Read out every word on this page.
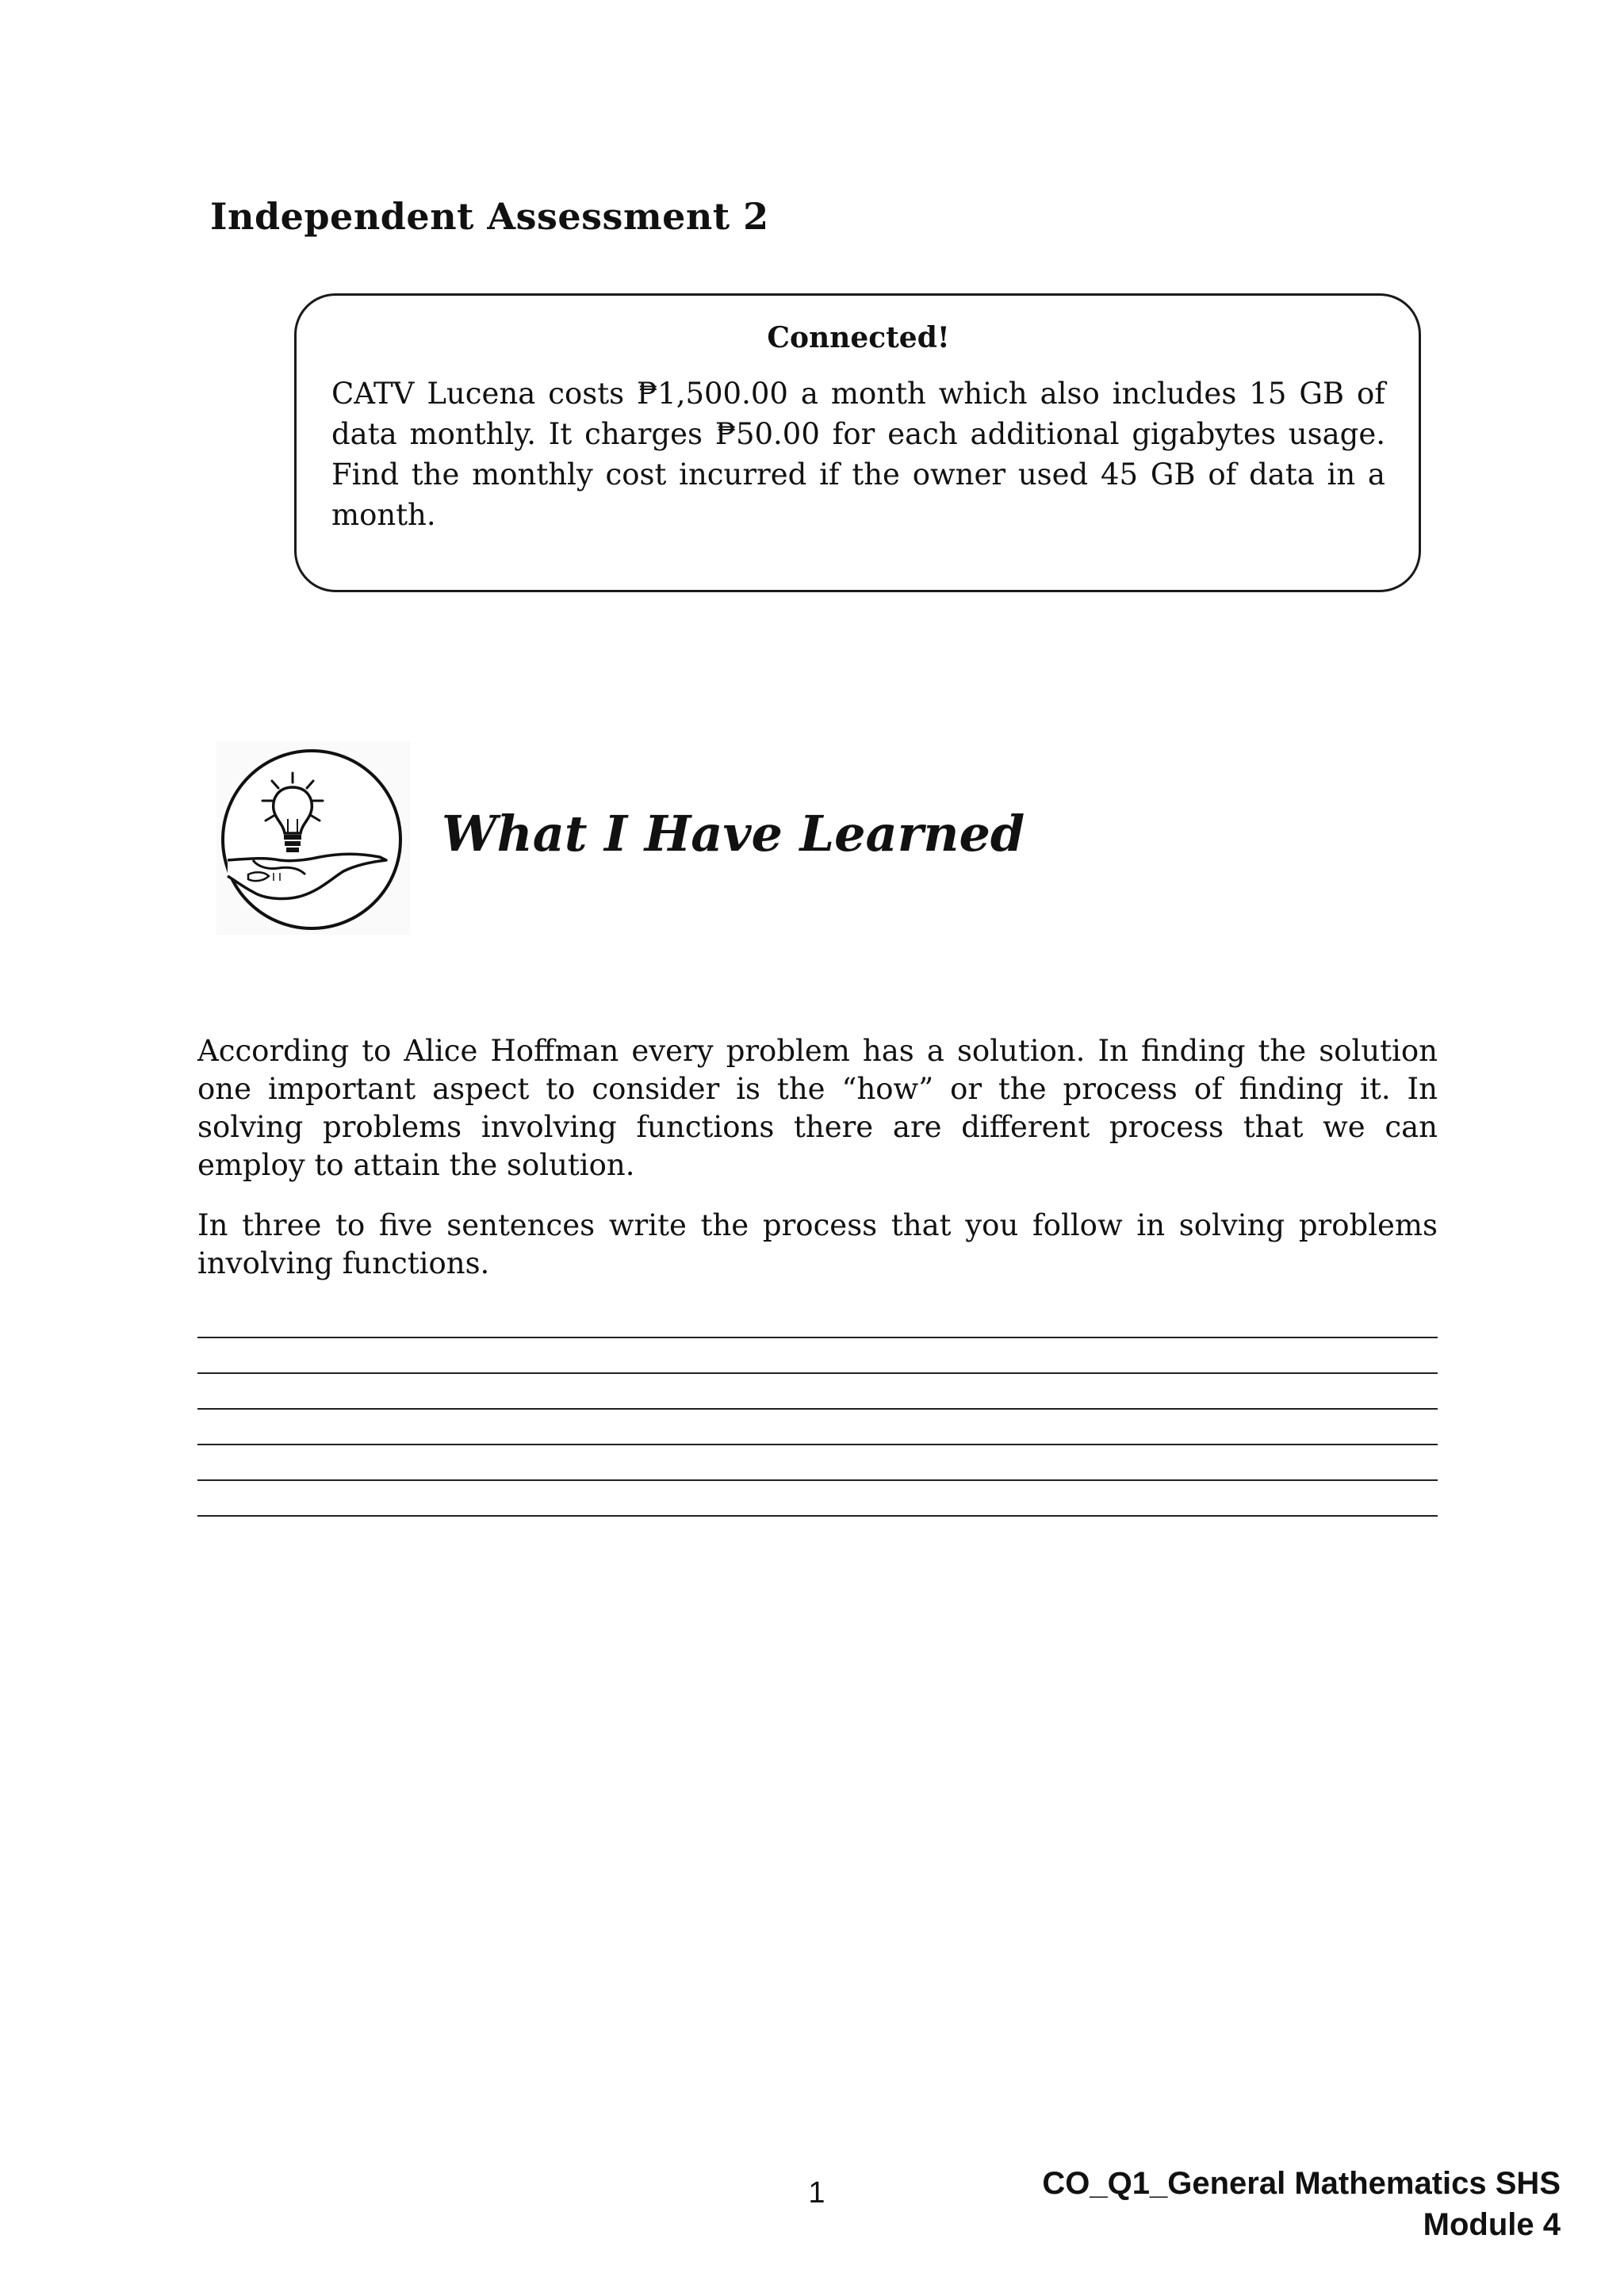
Independent Assessment 2

Connected!

CATV Lucena costs ₱1,500.00 a month which also includes 15 GB of data monthly. It charges ₱50.00 for each additional gigabytes usage. Find the monthly cost incurred if the owner used 45 GB of data in a month.

What I Have Learned

According to Alice Hoffman every problem has a solution. In finding the solution one important aspect to consider is the “how” or the process of finding it. In solving problems involving functions there are different process that we can employ to attain the solution.

In three to five sentences write the process that you follow in solving problems involving functions.

1	CO_Q1_General Mathematics SHS
Module 4
